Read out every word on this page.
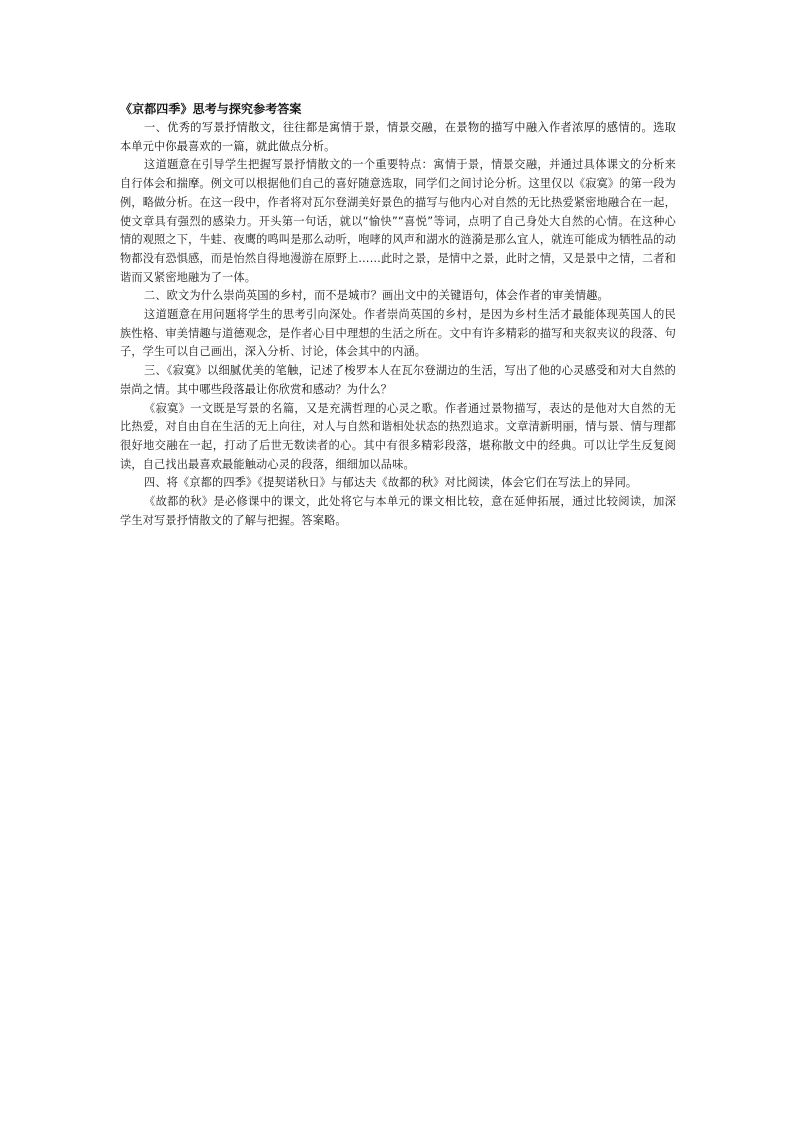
《京都四季》思考与探究参考答案

一、优秀的写景抒情散文，往往都是寓情于景，情景交融，在景物的描写中融入作者浓厚的感情的。选取本单元中你最喜欢的一篇，就此做点分析。

这道题意在引导学生把握写景抒情散文的一个重要特点：寓情于景，情景交融，并通过具体课文的分析来自行体会和揣摩。例文可以根据他们自己的喜好随意选取，同学们之间讨论分析。这里仅以《寂寞》的第一段为例，略做分析。在这一段中，作者将对瓦尔登湖美好景色的描写与他内心对自然的无比热爱紧密地融合在一起，使文章具有强烈的感染力。开头第一句话，就以“愉快”“喜悦”等词，点明了自己身处大自然的心情。在这种心情的观照之下，牛蛙、夜鹰的鸣叫是那么动听，咆哮的风声和湖水的涟漪是那么宜人，就连可能成为牺牲品的动物都没有恐惧感，而是怡然自得地漫游在原野上……此时之景，是情中之景，此时之情，又是景中之情，二者和谐而又紧密地融为了一体。

二、欧文为什么崇尚英国的乡村，而不是城市？画出文中的关键语句，体会作者的审美情趣。

这道题意在用问题将学生的思考引向深处。作者崇尚英国的乡村，是因为乡村生活才最能体现英国人的民族性格、审美情趣与道德观念，是作者心目中理想的生活之所在。文中有许多精彩的描写和夹叙夹议的段落、句子，学生可以自己画出，深入分析、讨论，体会其中的内涵。

三、《寂寞》以细腻优美的笔触，记述了梭罗本人在瓦尔登湖边的生活，写出了他的心灵感受和对大自然的崇尚之情。其中哪些段落最让你欣赏和感动？为什么？

《寂寞》一文既是写景的名篇，又是充满哲理的心灵之歌。作者通过景物描写，表达的是他对大自然的无比热爱，对自由自在生活的无上向往，对人与自然和谐相处状态的热烈追求。文章清新明丽，情与景、情与理都很好地交融在一起，打动了后世无数读者的心。其中有很多精彩段落，堪称散文中的经典。可以让学生反复阅读，自己找出最喜欢最能触动心灵的段落，细细加以品味。

四、将《京都的四季》《提契诺秋日》与郁达夫《故都的秋》对比阅读，体会它们在写法上的异同。

《故都的秋》是必修课中的课文，此处将它与本单元的课文相比较，意在延伸拓展，通过比较阅读，加深学生对写景抒情散文的了解与把握。答案略。
